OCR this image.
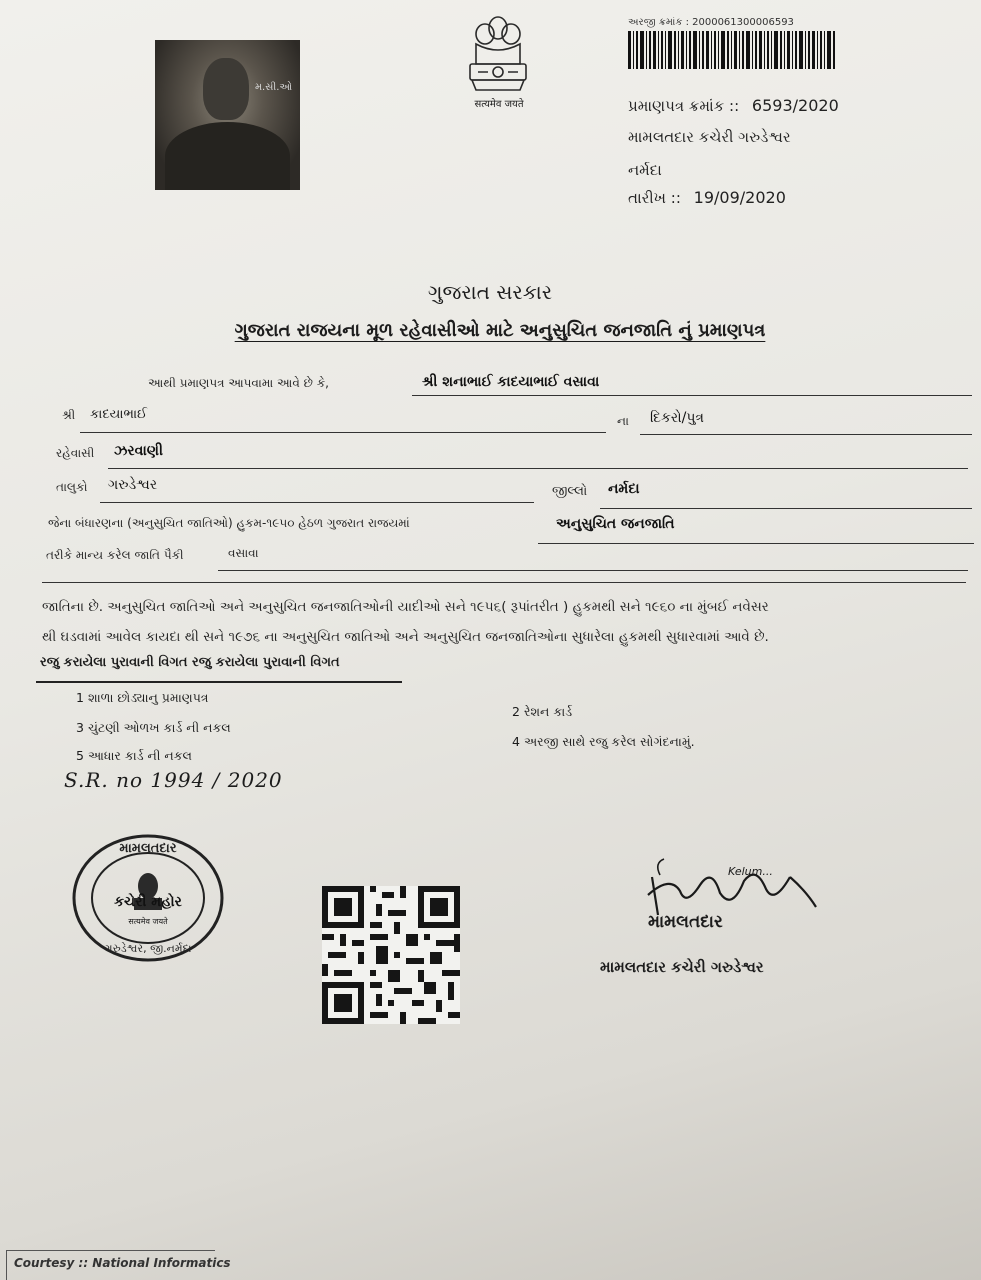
મ.સી.ઓ
सत्यमेव जयते
અરજી ક્રમાંક : 2000061300006593
પ્રમાણપત્ર ક્રમાંક :: 6593/2020
મામલતદાર કચેરી ગરુડેશ્વર
નર્મદા
તારીખ :: 19/09/2020
ગુજરાત સરકાર
ગુજરાત રાજયના મૂળ રહેવાસીઓ માટે અનુસુચિત જનજાતિ નું પ્રમાણપત્ર
આથી પ્રમાણપત્ર આપવામા આવે છે કે,	શ્રી શનાભાઈ કાદયાભાઈ વસાવા
શ્રી કાદયાભાઈ	ના દિકરો/પુત્ર
રહેવાસી ઝરવાણી
તાલુકો ગરુડેશ્વર	જીલ્લો નર્મદા
જેના બંધારણના (અનુસુચિત જાતિઓ) હુકમ-૧૯૫૦ હેઠળ ગુજરાત રાજયમાં	અનુસુચિત જનજાતિ
તરીકે માન્ય કરેલ જાતિ પૈકી	વસાવા
જાતિના છે. અનુસુચિત જાતિઓ અને અનુસુચિત જનજાતિઓની યાદીઓ સને ૧૯૫૬( રૂપાંતરીત ) હુકમથી સને ૧૯૬૦ ના મુંબઈ નવેસર
થી ઘડવામાં આવેલ કાયદા થી સને ૧૯૭૬ ના અનુસુચિત જાતિઓ અને અનુસુચિત જનજાતિઓના સુધારેલા હુકમથી સુધારવામાં આવે છે.
રજુ કરાયેલા પુરાવાની વિગત રજુ કરાયેલા પુરાવાની વિગત
1 શાળા છોડ્યાનુ પ્રમાણપત્ર
2 રેશન કાર્ડ
3 ચુંટણી ઓળખ કાર્ડ ની નકલ
4 અરજી સાથે રજુ કરેલ સોગંદનામું.
5 આધાર કાર્ડ ની નકલ
S.R. no 1994 / 2020
મામલતદાર
કચેરી મહોર
सत्यमेव जयते
ગરુડેશ્વર, જી.નર્મદા
Kelum...
મામલતદાર
મામલતદાર કચેરી ગરુડેશ્વર
Courtesy :: National Informatics
